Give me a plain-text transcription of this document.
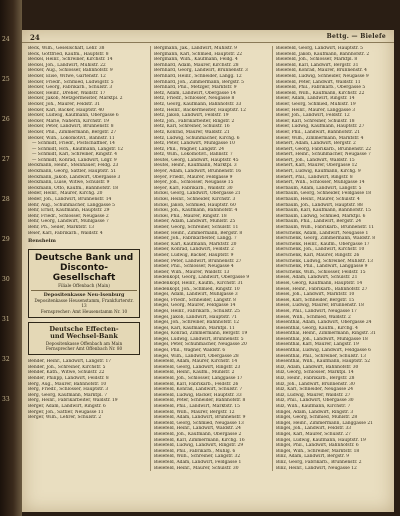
24
25
26
27
28
29
30
31
32
33
24	Bettg. — Bielefe
Beck, Wilh., Gesellschaft, Lehr. 38
Beck, Gottfried, Kaufm., Hauptstr. 8
Beckel, Heinr., Schreiner, Kirchstr. 14
Beckel, Joh., Landwirt, Mühlstr. 22
Becker, Aug., Schlosser, Bahnhofstr. 9
Becker, Elise, Witwe, Gartenstr. 12
Becker, Friedr., Schmied, Ludwigstr. 5
Becker, Georg, Fabrikarb., Schulstr. 3
Becker, Heinr., Dreher, Waldstr. 17
Becker, Jakob, Metzgermeister, Marktpl. 2
Becker, Joh., Maurer, Feldstr. 31
Becker, Karl, Bäcker, Hauptstr. 40
Becker, Ludwig, Kaufmann, Obergasse 6
Becker, Marie, Näherin, Kirchstr. 19
Becker, Peter, Landwirt, Brunnenstr. 8
Becker, Phil., Zimmermann, Bergstr. 27
Becker, Wilh., Lokomotivf., Bahnstr. 11
— Schmidt, Friedr., Postschaffner, 14
— Schmidt, Hch., Kaufmann, Langstr. 12
— Schmidt, Karl, Schreiner, Ringstr. 4
— Schmidt, Konrad, Landwirt, Ldgr. 9
Beckmann, Heinr., Steinhauer, Feldg. 23
Beckmann, Georg, Sattler, Hauptstr. 51
Beckmann, Jakob, Landwirt, Obergasse 3
Beckmann, Luise, Witwe, Schulstr. 9
Beckmann, Otto, Kaufm., Bahnhofstr. 18
Beder, Heinr., Maurer, Kirchg. 20
Beder, Joh., Landwirt, Brunnenstr. 14
Behr, Aug., Schuhmacher, Langgasse 5
Behr, Ernst, Kaufmann, Hauptstr. 29
Behr, Friedr., Schlosser, Neugasse 2
Behr, Georg, Landwirt, Mühlgasse 7
Behr, Ph., Seiler, Marktstr. 13
Beier, Karl, Fabrikarb., Waldstr. 4
Bensheim
Deutsche Bank und
Disconto-Gesellschaft
Filiale Offenbach (Main)
Depositenkasse Neu-Isenburg
Depositenkasse Heusenstamm, Frankfurterstr. 13
Fernsprecher: Amt Heusenstamm Nr. 10
Deutsche Effecten-
und Wechsel-Bank
Depositenkasse Offenbach am Main
Fernsprecher Amt Offenbach Nr. 80
Bender, Heinr., Landwirt, Langstr. 17
Bender, Joh., Schreiner, Kirchstr. 5
Bender, Kath., Witwe, Schulstr. 22
Bender, Philipp, Landwirt, Feldstr. 8
Berg, Aug., Maurer, Bahnhofstr. 10
Berg, Friedr., Schlosser, Hauptstr. 3
Berg, Georg, Kaufmann, Marktpl. 7
Berg, Heinr., Fabrikarbeiter, Waldstr. 19
Berger, Adam, Landwirt, Ringstr. 6
Berger, Joh., Sattler, Neugasse 11
Berger, Wilh., Lehrer, Schulstr. 2
Bergmann, Jak., Landwirt, Mühlstr. 9
Bergmann, Karl, Schmied, Hauptstr. 22
Bergmann, Wilh., Kaufmann, Feldg. 4
Bernhard, Adam, Maurer, Kirchstr. 28
Bernhard, Georg, Landwirt, Brunnenstr. 3
Bernhard, Heinr., Schneider, Langg. 12
Bernhard, Joh., Zimmermann, Bergstr. 5
Bernhard, Phil., Metzger, Marktstr. 9
Betz, Adam, Landwirt, Obergasse 14
Betz, Friedr., Schlosser, Neugasse 8
Betz, Georg, Kaufmann, Bahnhofstr. 33
Betz, Heinr., Bäckermeister, Hauptstr. 12
Betz, Jakob, Landwirt, Feldstr. 19
Betz, Joh., Fabrikarbeiter, Ringstr. 2
Betz, Karl, Schreiner, Schulstr. 16
Betz, Konrad, Maurer, Waldstr. 21
Betz, Ludwig, Schuhmacher, Kirchg. 6
Betz, Peter, Landwirt, Mühlgasse 10
Betz, Phil., Wagner, Langstr. 24
Betz, Wilh., Lokomotivf., Bahnstr. 7
Beutel, Georg, Landwirt, Hauptstr. 45
Beutel, Heinr., Kaufmann, Marktpl. 3
Beyer, Adam, Landwirt, Brunnenstr. 16
Beyer, Friedr., Maurer, Feldgasse 9
Beyer, Joh., Schlosser, Neugasse 15
Beyer, Karl, Fabrikarb., Waldstr. 30
Bickel, Georg, Landwirt, Obergasse 21
Bickel, Heinr., Schneider, Kirchstr. 3
Bickel, Jakob, Schmied, Hauptstr. 60
Bickel, Joh., Kaufmann, Bahnhofstr. 4
Bickel, Phil., Maurer, Ringstr. 18
Bieber, Adam, Landwirt, Mühlstr. 25
Bieber, Georg, Schreiner, Schulstr. 11
Bieber, Heinr., Zimmermann, Bergstr. 8
Bieber, Joh., Fabrikarbeiter, Langg. 7
Bieber, Karl, Kaufmann, Marktstr. 20
Bieber, Konrad, Landwirt, Feldstr. 2
Bieber, Ludwig, Bäcker, Hauptstr. 9
Bieber, Peter, Landwirt, Brunnenstr. 27
Bieber, Phil., Schlosser, Neugasse 4
Bieber, Wilh., Maurer, Waldstr. 13
Biedenkopf, Georg, Landwirt, Obergasse 9
Biedenkopf, Heinr., Kaufm., Kirchstr. 31
Biedenkopf, Joh., Schmied, Ringstr. 10
Biegel, Adam, Landwirt, Mühlgasse 3
Biegel, Friedr., Schneider, Langstr. 8
Biegel, Georg, Maurer, Feldgasse 14
Biegel, Heinr., Fabrikarb., Schulstr. 25
Biegel, Jakob, Landwirt, Hauptstr. 71
Biegel, Joh., Schreiner, Bahnhofstr. 12
Biegel, Karl, Kaufmann, Marktpl. 11
Biegel, Konrad, Zimmermann, Bergstr. 19
Biegel, Ludwig, Landwirt, Brunnenstr. 5
Biegel, Peter, Schuhmacher, Neugasse 20
Biegel, Phil., Wagner, Waldstr. 6
Biegel, Wilh., Landwirt, Obergasse 28
Bielefeld, Adam, Maurer, Kirchstr. 14
Bielefeld, Georg, Landwirt, Ringstr. 23
Bielefeld, Heinr., Kaufm., Mühlstr. 2
Bielefeld, Joh., Schlosser, Langgasse 17
Bielefeld, Karl, Fabrikarb., Feldstr. 26
Bielefeld, Konrad, Landwirt, Schulstr. 7
Bielefeld, Ludwig, Bäcker, Hauptstr. 33
Bielefeld, Peter, Schneider, Bahnhofstr. 8
Bielefeld, Phil., Landwirt, Marktstr. 15
Bielefeld, Wilh., Maurer, Bergstr. 12
Bielefeld, Adam, Landwirt, Brunnenstr. 9
Bielefeld, Georg, Schmied, Neugasse 13
Bielefeld, Heinr., Landwirt, Waldstr. 24
Bielefeld, Joh., Kaufmann, Obergasse 2
Bielefeld, Karl, Zimmermann, Kirchg. 16
Bielefeld, Ludwig, Landwirt, Ringstr. 29
Bielefeld, Phil., Fabrikarb., Mühlg. 6
Bielefeld, Wilh., Schreiner, Langstr. 32
Bielefeld, Adam, Landwirt, Feldgasse 1
Bielefeld, Heinr., Maurer, Schulstr. 30
Bielefeld, Georg, Landwirt, Hauptstr. 5
Bielefeld, Jakob, Kaufmann, Bahnhofstr. 2
Bielefeld, Joh., Schlosser, Marktpl. 8
Bielefeld, Karl, Landwirt, Bergstr. 31
Bielefeld, Konrad, Maurer, Brunnenstr. 4
Bielefeld, Ludwig, Schneider, Neugasse 9
Bielefeld, Peter, Landwirt, Waldstr. 11
Bielefeld, Phil., Fabrikarb., Obergasse 5
Bielefeld, Wilh., Kaufmann, Kirchstr. 22
Bieler, Adam, Landwirt, Ringstr. 14
Bieler, Georg, Schmied, Mühlstr. 19
Bieler, Heinr., Maurer, Langgasse 3
Bieler, Joh., Landwirt, Feldstr. 12
Bieler, Karl, Schreiner, Schulstr. 18
Bieler, Ludwig, Kaufmann, Hauptstr. 27
Bieler, Phil., Landwirt, Bahnhofstr. 21
Bieler, Wilh., Zimmermann, Marktstr. 4
Bienert, Adam, Landwirt, Bergstr. 2
Bienert, Georg, Fabrikarb., Brunnenstr. 22
Bienert, Heinr., Schuhmacher, Neugasse 7
Bienert, Joh., Landwirt, Waldstr. 15
Bienert, Karl, Maurer, Obergasse 12
Bienert, Ludwig, Kaufmann, Kirchg. 9
Bienert, Phil., Landwirt, Ringstr. 8
Bienert, Wilh., Schlosser, Mühlgasse 14
Bierbaum, Adam, Landwirt, Langstr. 5
Bierbaum, Georg, Schneider, Feldgasse 18
Bierbaum, Heinr., Maurer, Schulstr. 4
Bierbaum, Joh., Landwirt, Hauptstr. 88
Bierbaum, Karl, Kaufmann, Bahnhofstr. 15
Bierbaum, Ludwig, Schmied, Marktpl. 6
Bierbaum, Phil., Landwirt, Bergstr. 24
Bierbaum, Wilh., Fabrikarb., Brunnenstr. 11
Bierschenk, Adam, Landwirt, Neugasse 1
Bierschenk, Georg, Zimmermann, Waldstr. 8
Bierschenk, Heinr., Kaufm., Obergasse 17
Bierschenk, Joh., Landwirt, Kirchstr. 10
Bierschenk, Karl, Maurer, Ringstr. 26
Bierschenk, Ludwig, Schreiner, Mühlstr. 13
Bierschenk, Phil., Landwirt, Langgasse 9
Bierschenk, Wilh., Schlosser, Feldstr. 15
Biesel, Adam, Landwirt, Schulstr. 21
Biesel, Georg, Kaufmann, Hauptstr. 14
Biesel, Heinr., Fabrikarb., Bahnhofstr. 27
Biesel, Joh., Landwirt, Marktstr. 10
Biesel, Karl, Schneider, Bergstr. 15
Biesel, Ludwig, Maurer, Brunnenstr. 18
Biesel, Phil., Landwirt, Neugasse 17
Biesel, Wilh., Schmied, Waldstr. 2
Biesenthal, Adam, Landwirt, Obergasse 24
Biesenthal, Georg, Kaufm., Kirchg. 4
Biesenthal, Heinr., Zimmermann, Ringstr. 31
Biesenthal, Joh., Landwirt, Mühlgasse 18
Biesenthal, Karl, Maurer, Langstr. 19
Biesenthal, Ludwig, Landwirt, Feldgasse 6
Biesenthal, Phil., Schreiner, Schulstr. 13
Biesenthal, Wilh., Kaufmann, Hauptstr. 52
Bilz, Adam, Landwirt, Bahnhofstr. 30
Bilz, Georg, Schlosser, Marktpl. 14
Bilz, Heinr., Fabrikarb., Bergstr. 28
Bilz, Joh., Landwirt, Brunnenstr. 30
Bilz, Karl, Schneider, Neugasse 24
Bilz, Ludwig, Maurer, Waldstr. 27
Bilz, Phil., Landwirt, Obergasse 30
Bilz, Wilh., Kaufmann, Kirchstr. 7
Bingel, Adam, Landwirt, Ringstr. 3
Bingel, Georg, Schmied, Mühlstr. 28
Bingel, Heinr., Zimmermann, Langgasse 21
Bingel, Joh., Landwirt, Feldstr. 33
Bingel, Karl, Maurer, Schulstr. 27
Bingel, Ludwig, Kaufmann, Hauptstr. 19
Bingel, Phil., Landwirt, Bahnhofstr. 6
Bingel, Wilh., Schreiner, Marktstr. 18
Binz, Adam, Landwirt, Bergstr. 9
Binz, Georg, Fabrikarb., Brunnenstr. 2
Binz, Heinr., Landwirt, Neugasse 12
